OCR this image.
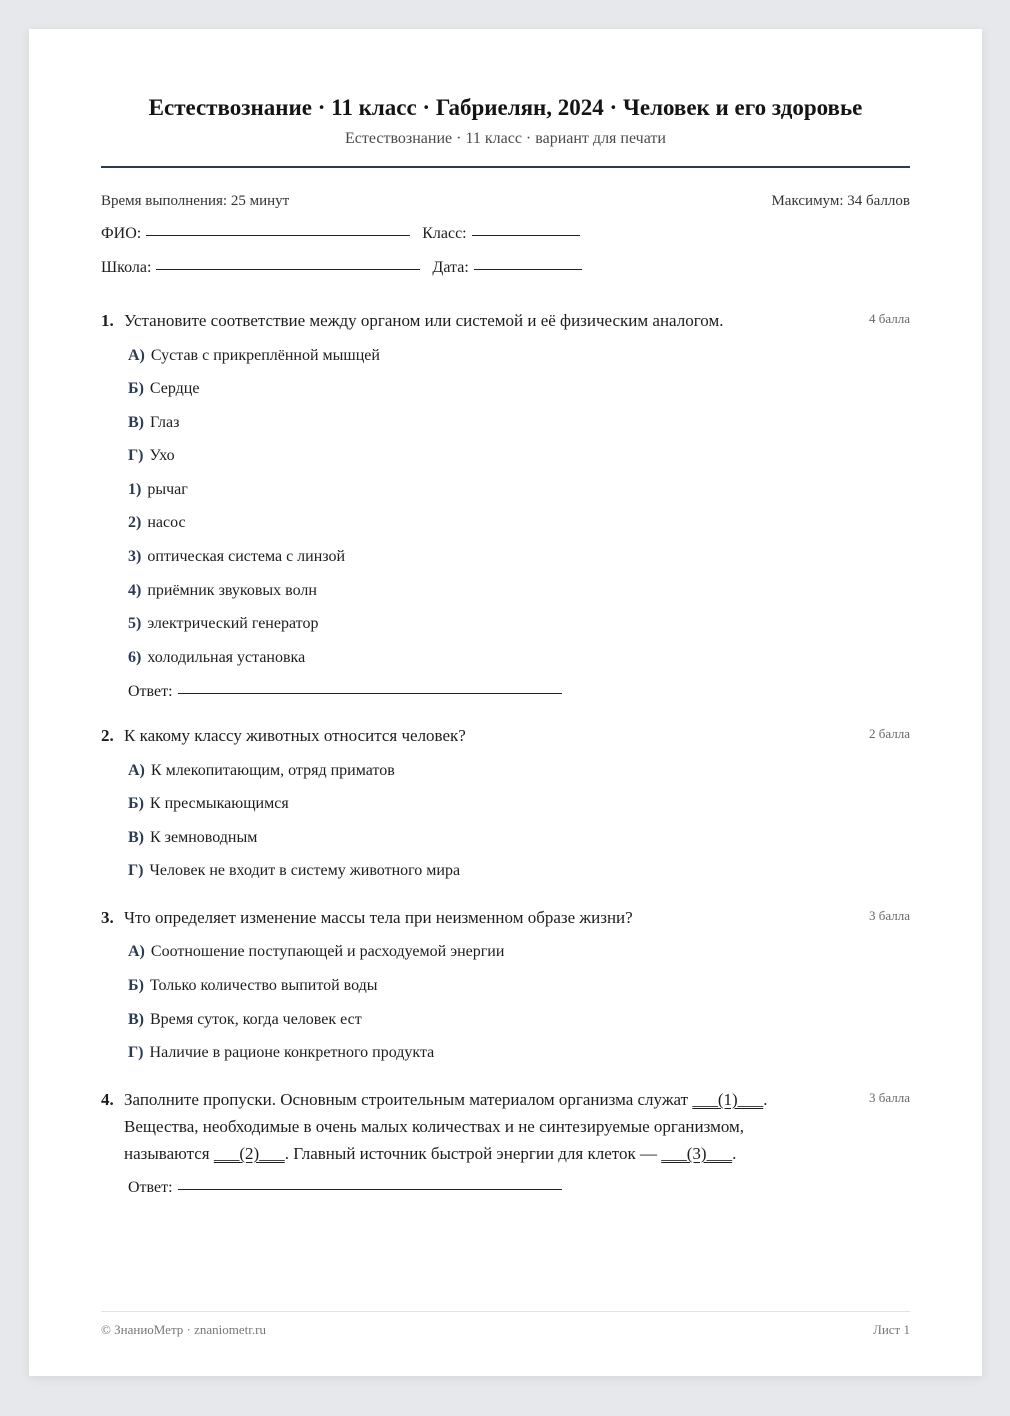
Естествознание · 11 класс · Габриелян, 2024 · Человек и его здоровье
Естествознание · 11 класс · вариант для печати
Время выполнения: 25 минут	Максимум: 34 баллов
ФИО:	Класс:
Школа:	Дата:
1. Установите соответствие между органом или системой и её физическим аналогом.	4 балла
А) Сустав с прикреплённой мышцей
Б) Сердце
В) Глаз
Г) Ухо
1) рычаг
2) насос
3) оптическая система с линзой
4) приёмник звуковых волн
5) электрический генератор
6) холодильная установка
Ответ:
2. К какому классу животных относится человек?	2 балла
А) К млекопитающим, отряд приматов
Б) К пресмыкающимся
В) К земноводным
Г) Человек не входит в систему животного мира
3. Что определяет изменение массы тела при неизменном образе жизни?	3 балла
А) Соотношение поступающей и расходуемой энергии
Б) Только количество выпитой воды
В) Время суток, когда человек ест
Г) Наличие в рационе конкретного продукта
4. Заполните пропуски. Основным строительным материалом организма служат ___(1)___. Вещества, необходимые в очень малых количествах и не синтезируемые организмом, называются ___(2)___. Главный источник быстрой энергии для клеток — ___(3)___.
3 балла
Ответ:
© ЗнаниоМетр · znaniometr.ru	Лист 1
